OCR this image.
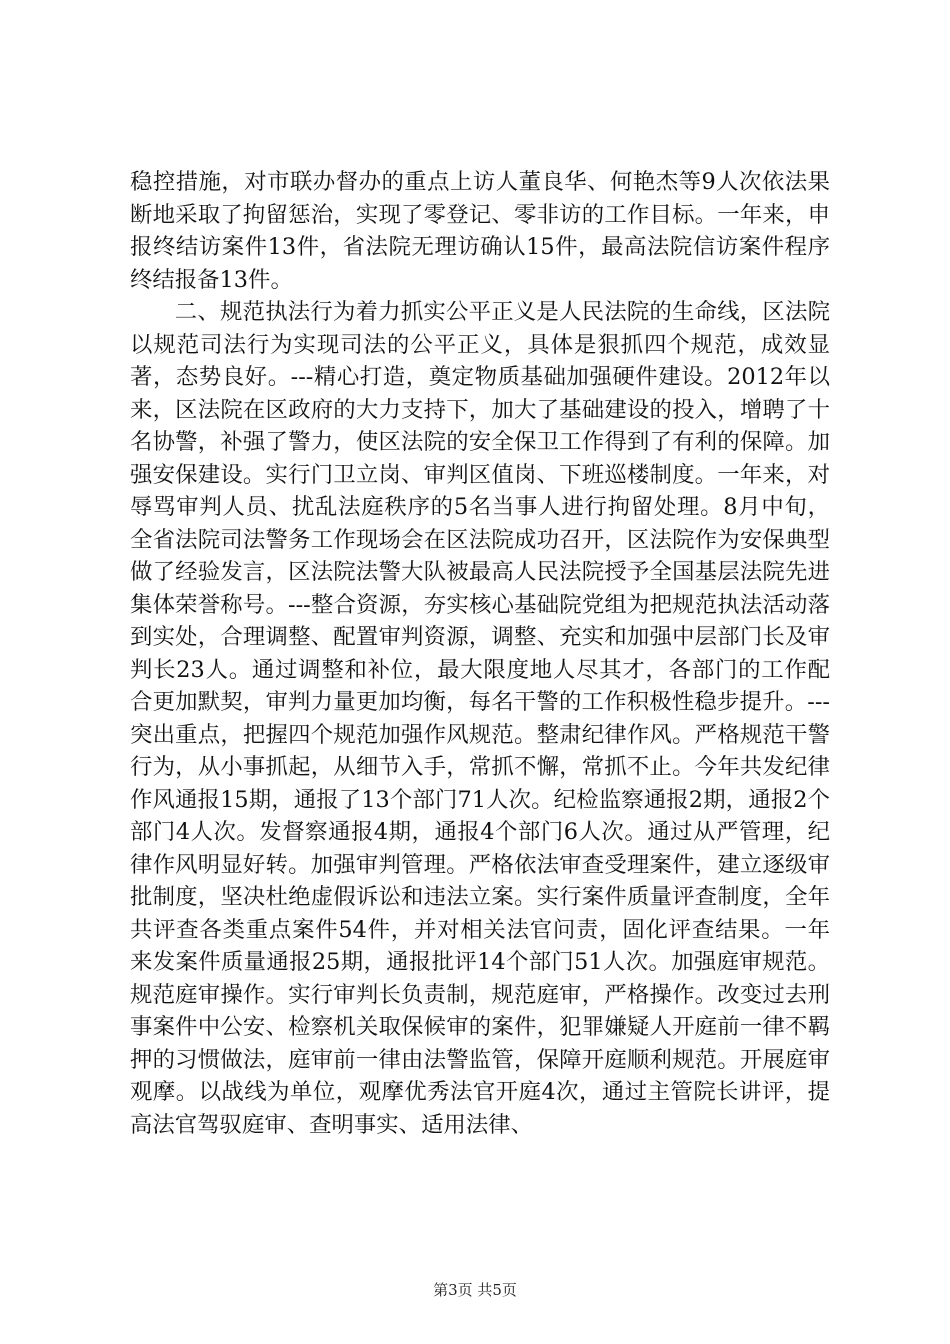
稳控措施，对市联办督办的重点上访人董良华、何艳杰等9人次依法果断地采取了拘留惩治，实现了零登记、零非访的工作目标。一年来，申报终结访案件13件，省法院无理访确认15件，最高法院信访案件程序终结报备13件。

二、规范执法行为着力抓实公平正义是人民法院的生命线，区法院以规范司法行为实现司法的公平正义，具体是狠抓四个规范，成效显著，态势良好。---精心打造，奠定物质基础加强硬件建设。2012年以来，区法院在区政府的大力支持下，加大了基础建设的投入，增聘了十名协警，补强了警力，使区法院的安全保卫工作得到了有利的保障。加强安保建设。实行门卫立岗、审判区值岗、下班巡楼制度。一年来，对辱骂审判人员、扰乱法庭秩序的5名当事人进行拘留处理。8月中旬，全省法院司法警务工作现场会在区法院成功召开，区法院作为安保典型做了经验发言，区法院法警大队被最高人民法院授予全国基层法院先进集体荣誉称号。---整合资源，夯实核心基础院党组为把规范执法活动落到实处，合理调整、配置审判资源，调整、充实和加强中层部门长及审判长23人。通过调整和补位，最大限度地人尽其才，各部门的工作配合更加默契，审判力量更加均衡，每名干警的工作积极性稳步提升。---突出重点，把握四个规范加强作风规范。整肃纪律作风。严格规范干警行为，从小事抓起，从细节入手，常抓不懈，常抓不止。今年共发纪律作风通报15期，通报了13个部门71人次。纪检监察通报2期，通报2个部门4人次。发督察通报4期，通报4个部门6人次。通过从严管理，纪律作风明显好转。加强审判管理。严格依法审查受理案件，建立逐级审批制度，坚决杜绝虚假诉讼和违法立案。实行案件质量评查制度，全年共评查各类重点案件54件，并对相关法官问责，固化评查结果。一年来发案件质量通报25期，通报批评14个部门51人次。加强庭审规范。规范庭审操作。实行审判长负责制，规范庭审，严格操作。改变过去刑事案件中公安、检察机关取保候审的案件，犯罪嫌疑人开庭前一律不羁押的习惯做法，庭审前一律由法警监管，保障开庭顺利规范。开展庭审观摩。以战线为单位，观摩优秀法官开庭4次，通过主管院长讲评，提高法官驾驭庭审、查明事实、适用法律、

第3页 共5页
